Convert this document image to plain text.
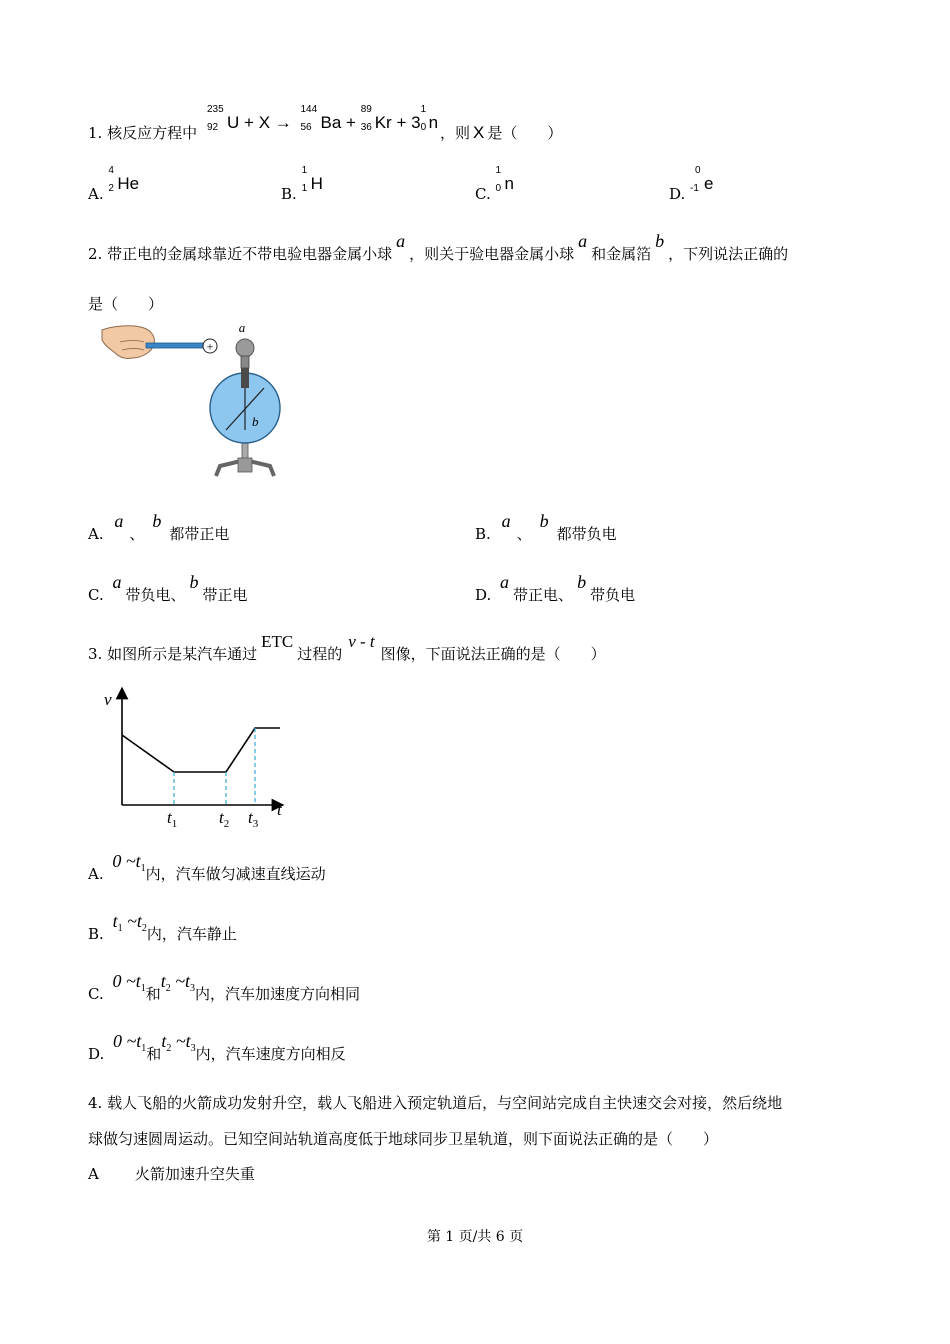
1. 核反应方程中
235
92 U + X →
144
56 Ba +
89
36 Kr + 3
1
0 n
，则 X 是（　　）
A.
4
2 He
B.
1
1 H
C.
1
0 n
D.
0
-1 e
2. 带正电的金属球靠近不带电验电器金属小球a，则关于验电器金属小球a和金属箔b，下列说法正确的
是（　　）
+
a
b
A. a、b都带正电	B. a、b都带负电
C. a带负电、b带正电	D. a带正电、b带负电
3. 如图所示是某汽车通过ETC过程的v - t图像，下面说法正确的是（　　）
v
t
$t_1$ $t_2$ $t_3$
A. 0 $\sim t_1$内，汽车做匀减速直线运动
B. $t_1$ $\sim t_2$内，汽车静止
C. 0 $\sim t_1$和$t_2$ $\sim t_3$内，汽车加速度方向相同
D. 0 $\sim t_1$和$t_2$ $\sim t_3$内，汽车速度方向相反
4. 载人飞船的火箭成功发射升空，载人飞船进入预定轨道后，与空间站完成自主快速交会对接，然后绕地
球做匀速圆周运动。已知空间站轨道高度低于地球同步卫星轨道，则下面说法正确的是（　　）
A 火箭加速升空失重
第 1 页/共 6 页
